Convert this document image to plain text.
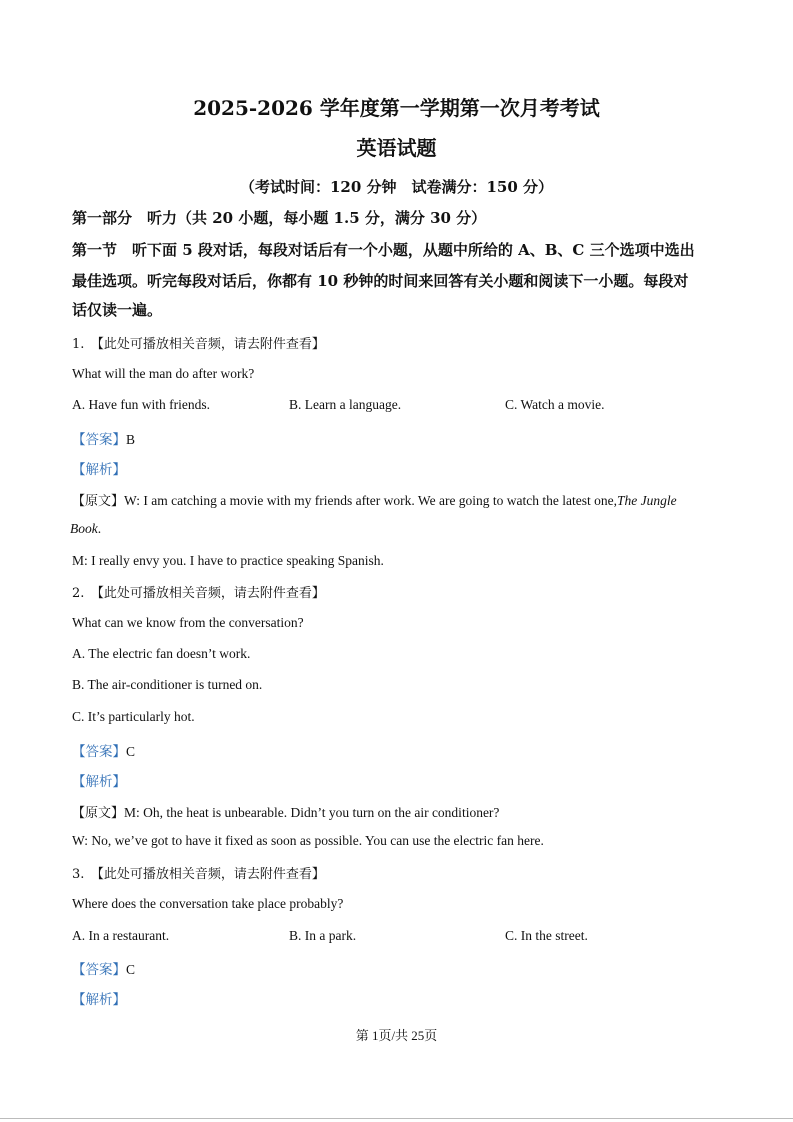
2025-2026 学年度第一学期第一次月考考试
英语试题
（考试时间：120 分钟　试卷满分：150 分）
第一部分　听力（共 20 小题，每小题 1.5 分，满分 30 分）
第一节　听下面 5 段对话，每段对话后有一个小题，从题中所给的 A、B、C 三个选项中选出
最佳选项。听完每段对话后，你都有 10 秒钟的时间来回答有关小题和阅读下一小题。每段对
话仅读一遍。
1.　【此处可播放相关音频，请去附件查看】
What will the man do after work?
A. Have fun with friends.	B. Learn a language.	C. Watch a movie.
【答案】B
【解析】
【原文】W: I am catching a movie with my friends after work. We are going to watch the latest one,The Jungle
Book.
M: I really envy you. I have to practice speaking Spanish.
2.　【此处可播放相关音频，请去附件查看】
What can we know from the conversation?
A. The electric fan doesn’t work.
B. The air-conditioner is turned on.
C. It’s particularly hot.
【答案】C
【解析】
【原文】M: Oh, the heat is unbearable. Didn’t you turn on the air conditioner?
W: No, we’ve got to have it fixed as soon as possible. You can use the electric fan here.
3.　【此处可播放相关音频，请去附件查看】
Where does the conversation take place probably?
A. In a restaurant.	B. In a park.	C. In the street.
【答案】C
【解析】
第 1页/共 25页
